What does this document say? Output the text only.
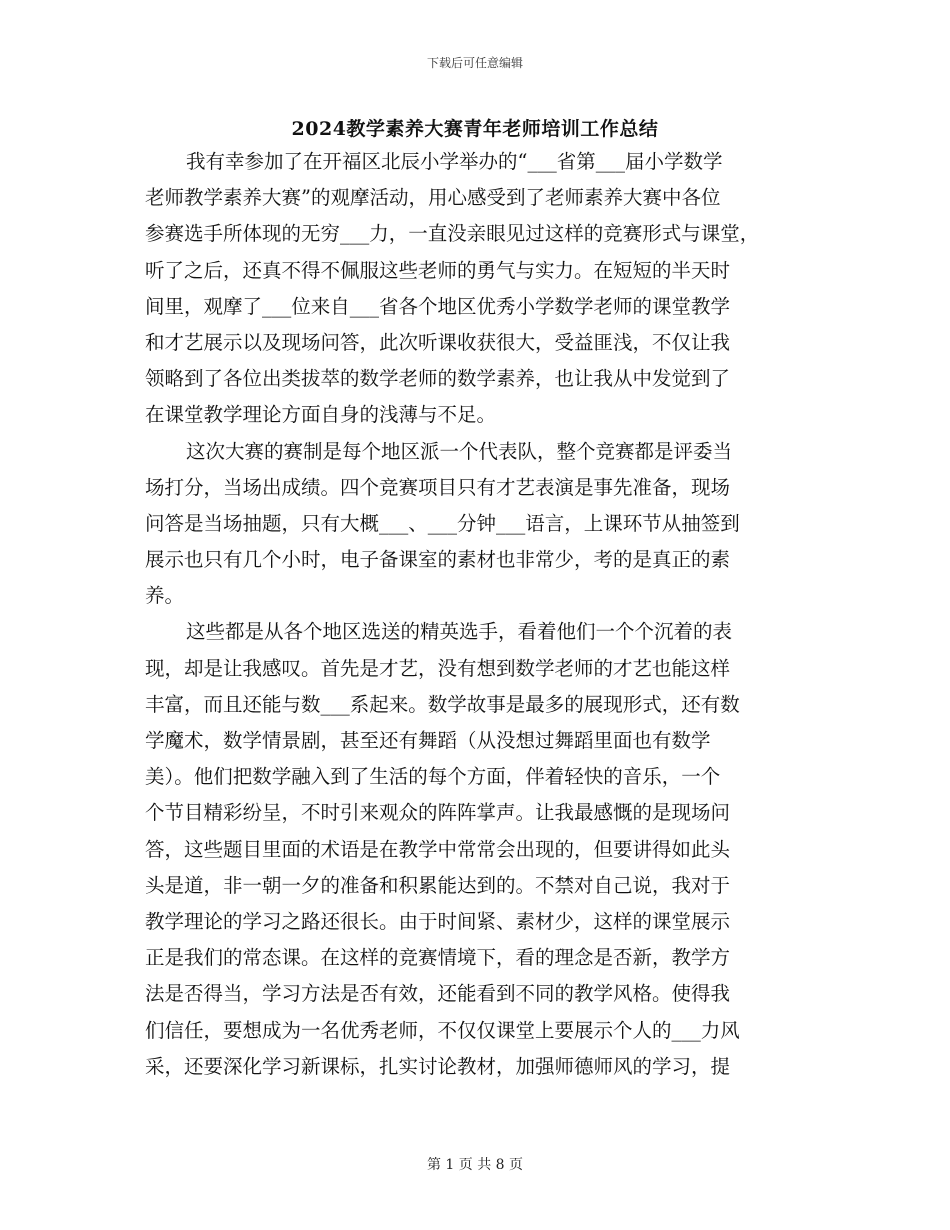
下载后可任意编辑
2024教学素养大赛青年老师培训工作总结
我有幸参加了在开福区北辰小学举办的“___省第___届小学数学
老师教学素养大赛”的观摩活动，用心感受到了老师素养大赛中各位
参赛选手所体现的无穷___力，一直没亲眼见过这样的竞赛形式与课堂，
听了之后，还真不得不佩服这些老师的勇气与实力。在短短的半天时
间里，观摩了___位来自___省各个地区优秀小学数学老师的课堂教学
和才艺展示以及现场问答，此次听课收获很大，受益匪浅，不仅让我
领略到了各位出类拔萃的数学老师的数学素养，也让我从中发觉到了
在课堂教学理论方面自身的浅薄与不足。
这次大赛的赛制是每个地区派一个代表队，整个竞赛都是评委当
场打分，当场出成绩。四个竞赛项目只有才艺表演是事先准备，现场
问答是当场抽题，只有大概___、___分钟___语言，上课环节从抽签到
展示也只有几个小时，电子备课室的素材也非常少，考的是真正的素
养。
这些都是从各个地区选送的精英选手，看着他们一个个沉着的表
现，却是让我感叹。首先是才艺，没有想到数学老师的才艺也能这样
丰富，而且还能与数___系起来。数学故事是最多的展现形式，还有数
学魔术，数学情景剧，甚至还有舞蹈（从没想过舞蹈里面也有数学
美）。他们把数学融入到了生活的每个方面，伴着轻快的音乐，一个
个节目精彩纷呈，不时引来观众的阵阵掌声。让我最感慨的是现场问
答，这些题目里面的术语是在教学中常常会出现的，但要讲得如此头
头是道，非一朝一夕的准备和积累能达到的。不禁对自己说，我对于
教学理论的学习之路还很长。由于时间紧、素材少，这样的课堂展示
正是我们的常态课。在这样的竞赛情境下，看的理念是否新，教学方
法是否得当，学习方法是否有效，还能看到不同的教学风格。使得我
们信任，要想成为一名优秀老师，不仅仅课堂上要展示个人的___力风
采，还要深化学习新课标，扎实讨论教材，加强师德师风的学习，提
第 1 页 共 8 页
